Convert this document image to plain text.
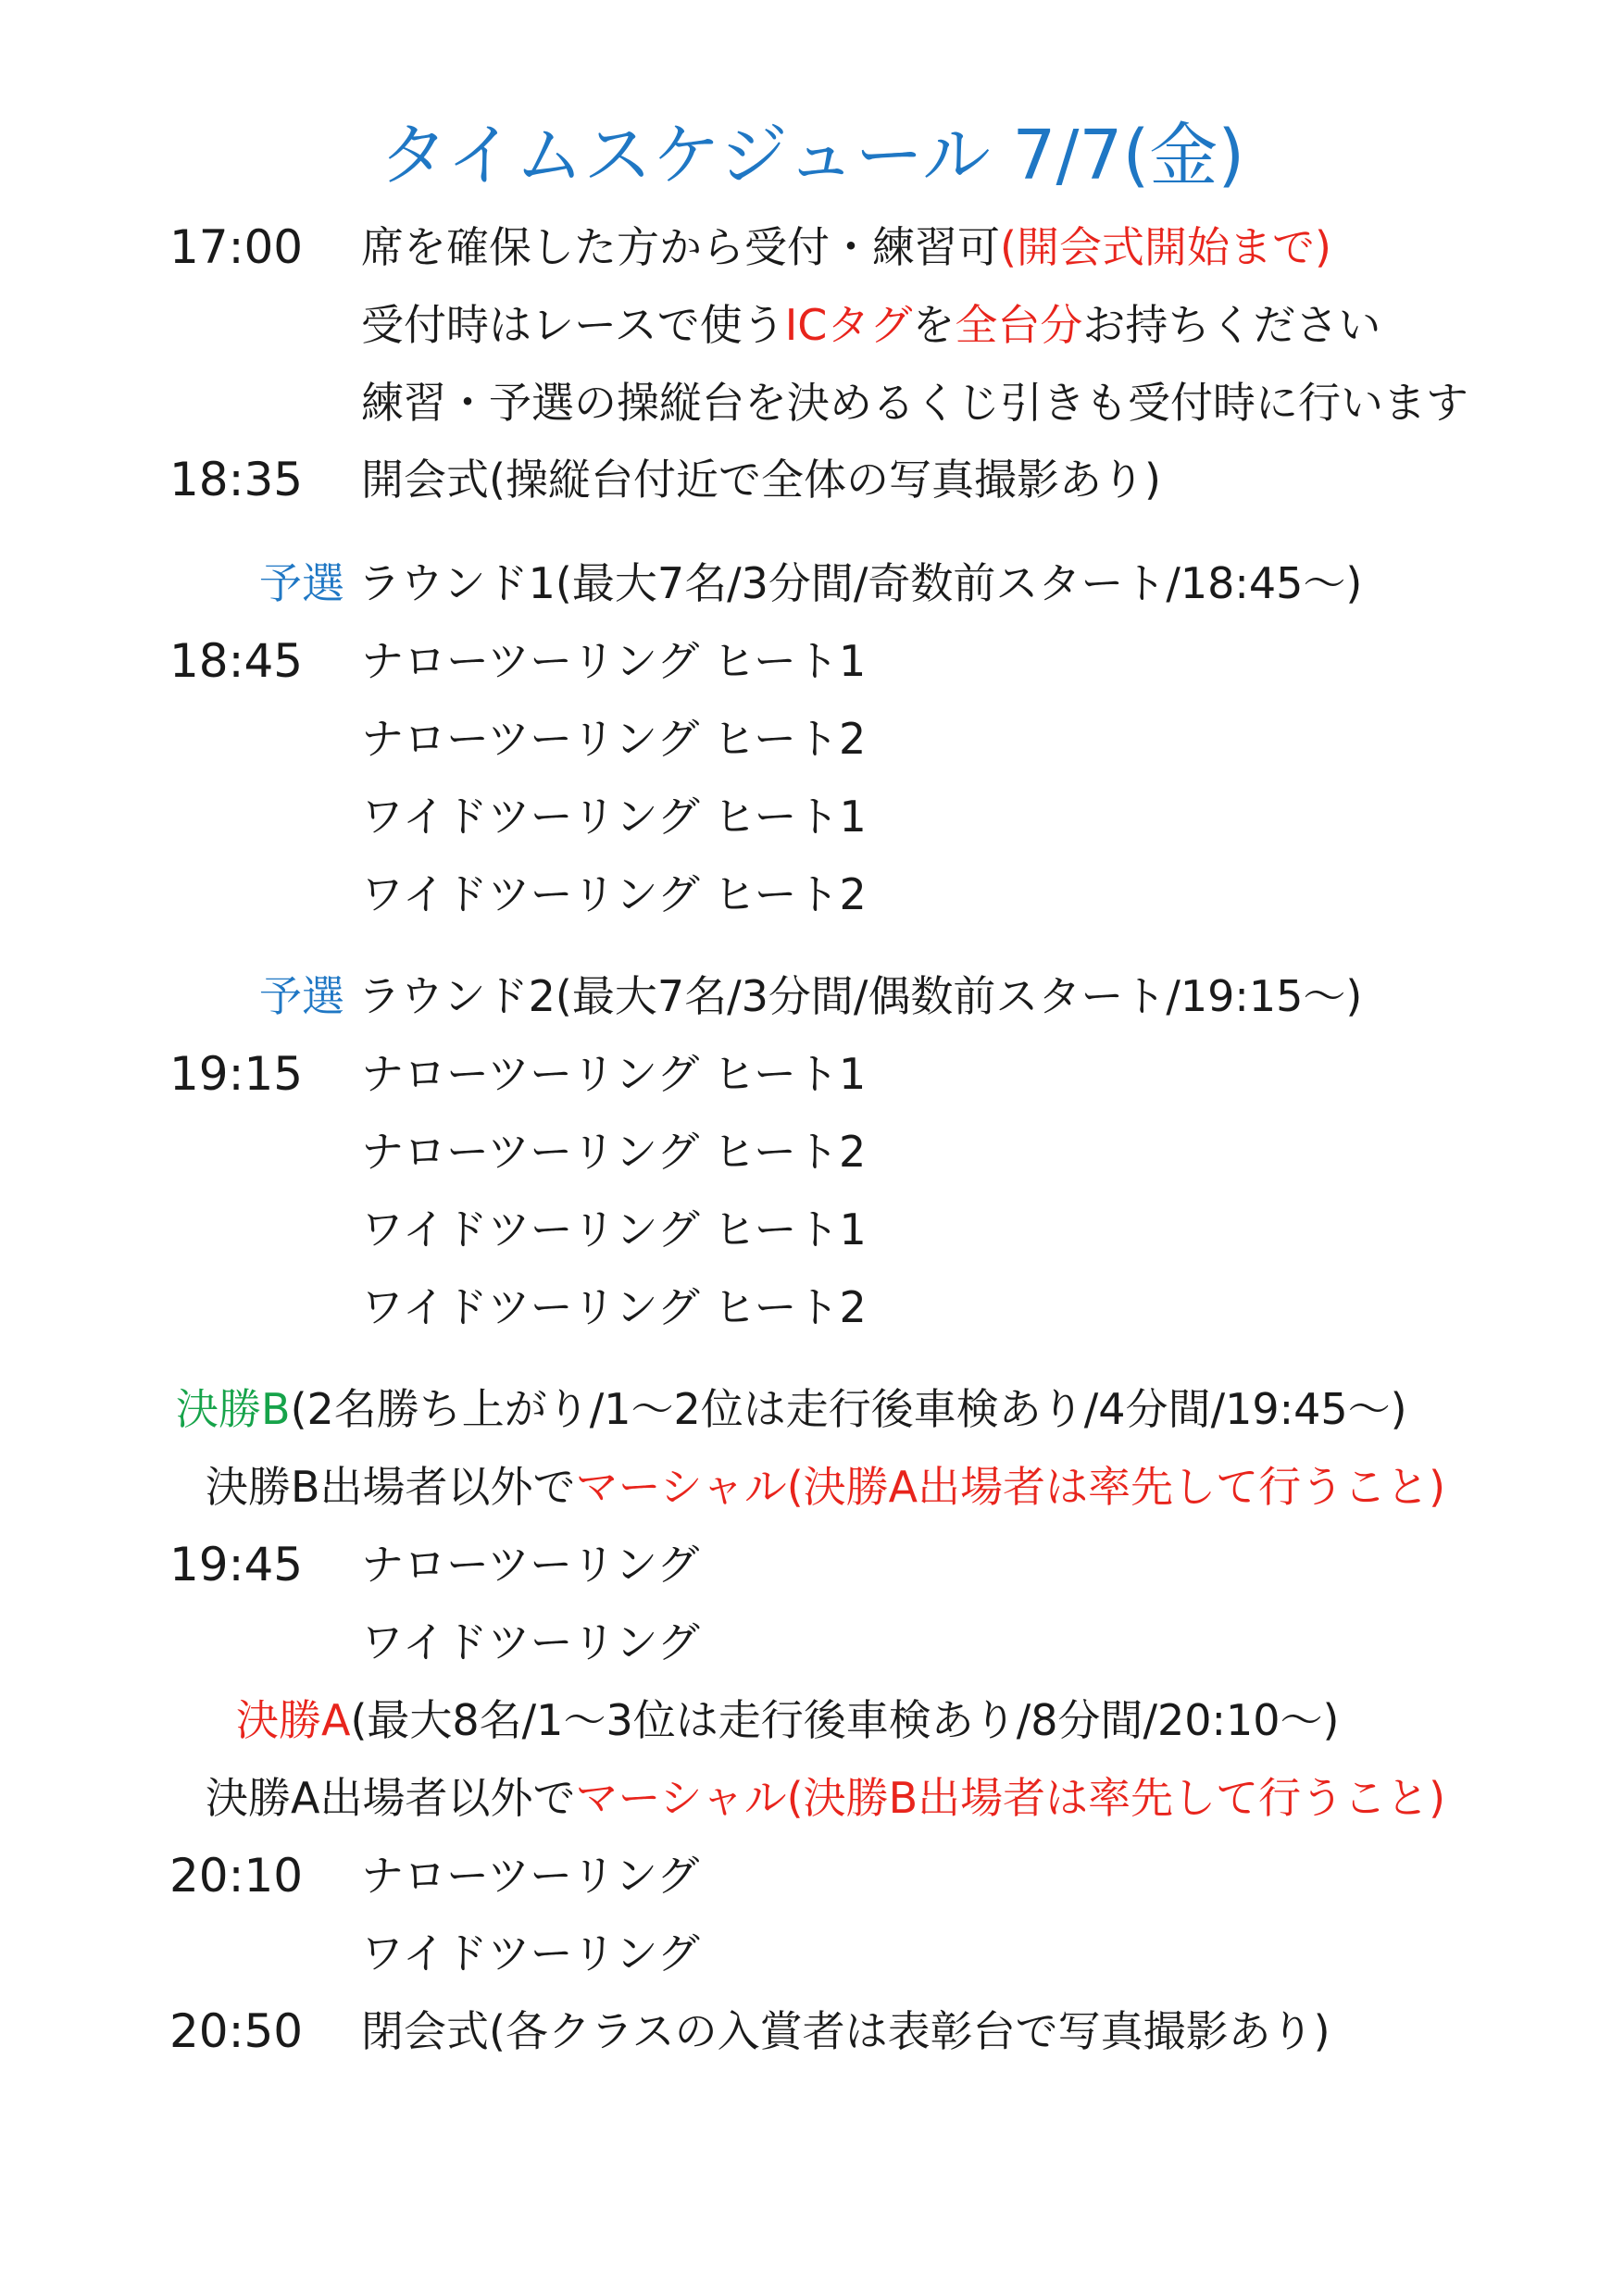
タイムスケジュール 7/7(金)
17:00 席を確保した方から受付・練習可(開会式開始まで)
受付時はレースで使うICタグを全台分お持ちください
練習・予選の操縦台を決めるくじ引きも受付時に行います
18:35 開会式(操縦台付近で全体の写真撮影あり)
予選 ラウンド1(最大7名/3分間/奇数前スタート/18:45〜)
18:45 ナローツーリング ヒート1
ナローツーリング ヒート2
ワイドツーリング ヒート1
ワイドツーリング ヒート2
予選 ラウンド2(最大7名/3分間/偶数前スタート/19:15〜)
19:15 ナローツーリング ヒート1
ナローツーリング ヒート2
ワイドツーリング ヒート1
ワイドツーリング ヒート2
決勝B(2名勝ち上がり/1〜2位は走行後車検あり/4分間/19:45〜)
決勝B出場者以外でマーシャル(決勝A出場者は率先して行うこと)
19:45 ナローツーリング
ワイドツーリング
決勝A(最大8名/1〜3位は走行後車検あり/8分間/20:10〜)
決勝A出場者以外でマーシャル(決勝B出場者は率先して行うこと)
20:10 ナローツーリング
ワイドツーリング
20:50 閉会式(各クラスの入賞者は表彰台で写真撮影あり)
